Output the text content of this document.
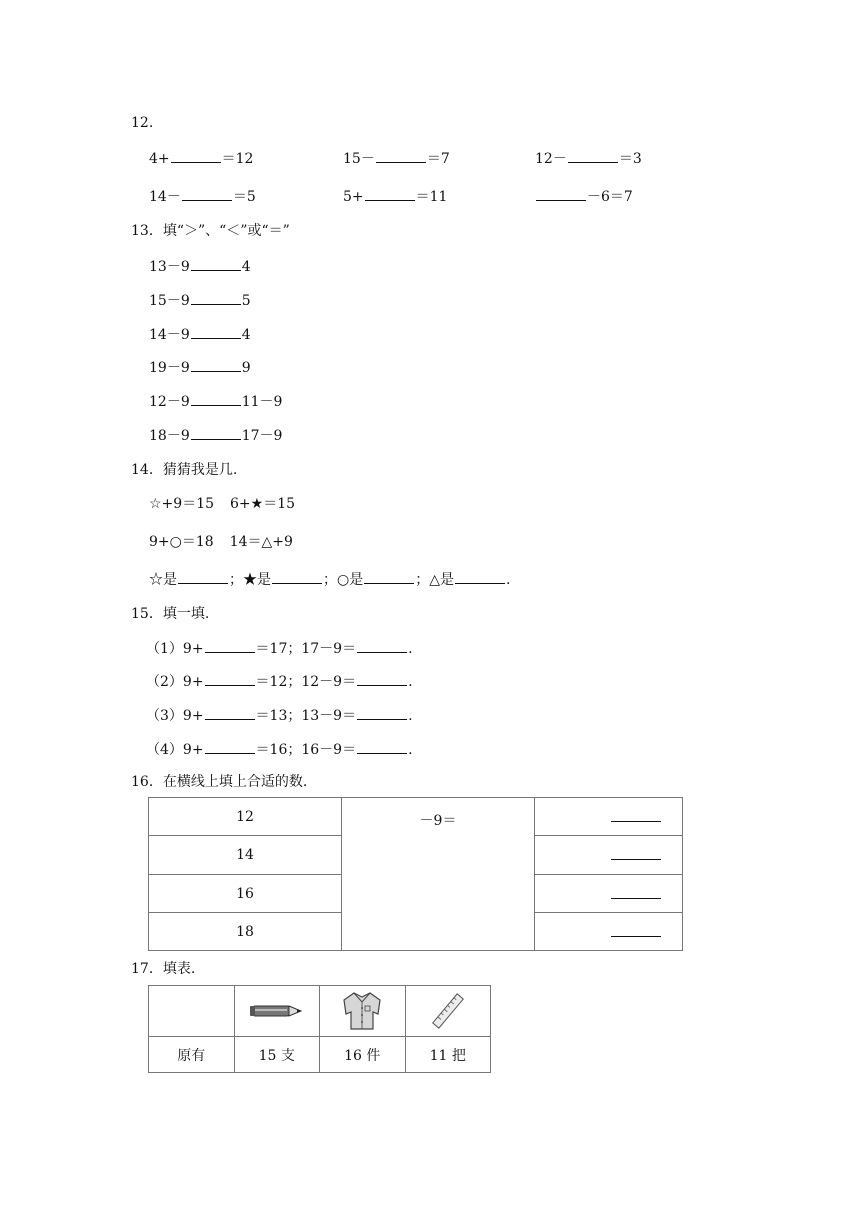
12.
4+	＝12	15－	＝7	12－	＝3
14－	＝5	5+	＝11	－6＝7
13．填“＞”、“＜”或“＝”
13－9	4
15－9	5
14－9	4
19－9	9
12－9	11－9
18－9	17－9
14．猜猜我是几.
☆+9＝15 6+★＝15
9+○＝18 14＝△+9
☆是	；★是	；○是	；△是	.
15．填一填.
（1）9+	＝17；17－9＝	.
（2）9+	＝12；12－9＝	.
（3）9+	＝13；13－9＝	.
（4）9+	＝16；16－9＝	.
16．在横线上填上合适的数.
12	－9＝	
14		
16		
18		
17．填表.

原有	15 支	16 件	11 把
